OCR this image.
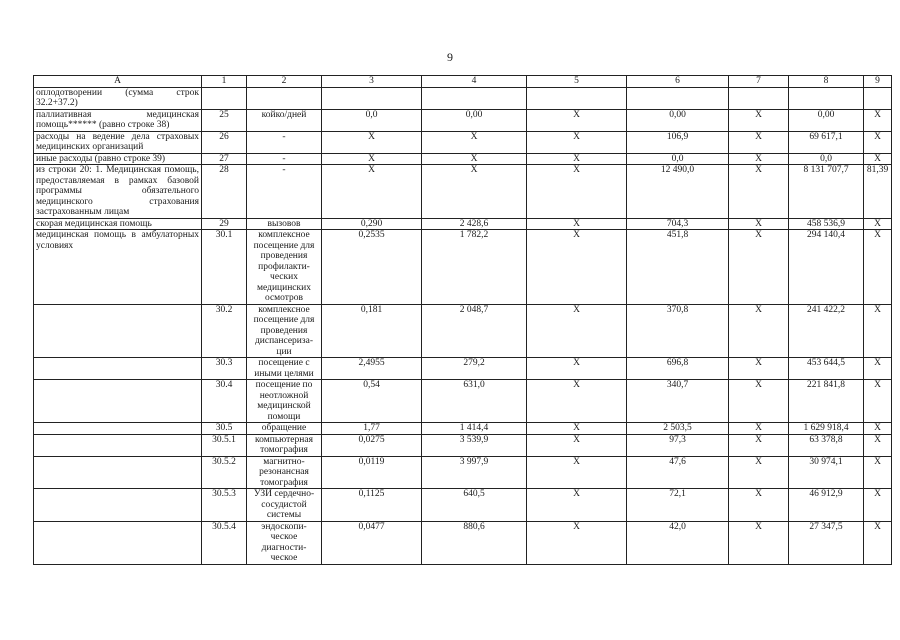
9
A	1	2	3	4	5	6	7	8	9
оплодотворении (сумма строк 32.2+37.2)									
паллиативная медицинская помощь****** (равно строке 38)	25	койко/дней	0,0	0,00	X	0,00	X	0,00	X
расходы на ведение дела страховых медицинских организаций	26	-	X	X	X	106,9	X	69 617,1	X
иные расходы (равно строке 39)	27	-	X	X	X	0,0	X	0,0	X
из строки 20: 1. Медицинская помощь, предоставляемая в рамках базовой программы обязательного медицинского страхования застрахованным лицам	28	-	X	X	X	12 490,0	X	8 131 707,7	81,39
скорая медицинская помощь	29	вызовов	0,290	2 428,6	X	704,3	X	458 536,9	X
медицинская помощь в амбулаторных условиях	30.1	комплексное посещение для проведения профилакти-ческих медицинских осмотров	0,2535	1 782,2	X	451,8	X	294 140,4	X
	30.2	комплексное посещение для проведения диспансериза-ции	0,181	2 048,7	X	370,8	X	241 422,2	X
	30.3	посещение с иными целями	2,4955	279,2	X	696,8	X	453 644,5	X
	30.4	посещение по неотложной медицинской помощи	0,54	631,0	X	340,7	X	221 841,8	X
	30.5	обращение	1,77	1 414,4	X	2 503,5	X	1 629 918,4	X
	30.5.1	компьютерная томография	0,0275	3 539,9	X	97,3	X	63 378,8	X
	30.5.2	магнитно-резонансная томография	0,0119	3 997,9	X	47,6	X	30 974,1	X
	30.5.3	УЗИ сердечно-сосудистой системы	0,1125	640,5	X	72,1	X	46 912,9	X
	30.5.4	эндоскопи-ческое диагности-ческое	0,0477	880,6	X	42,0	X	27 347,5	X
